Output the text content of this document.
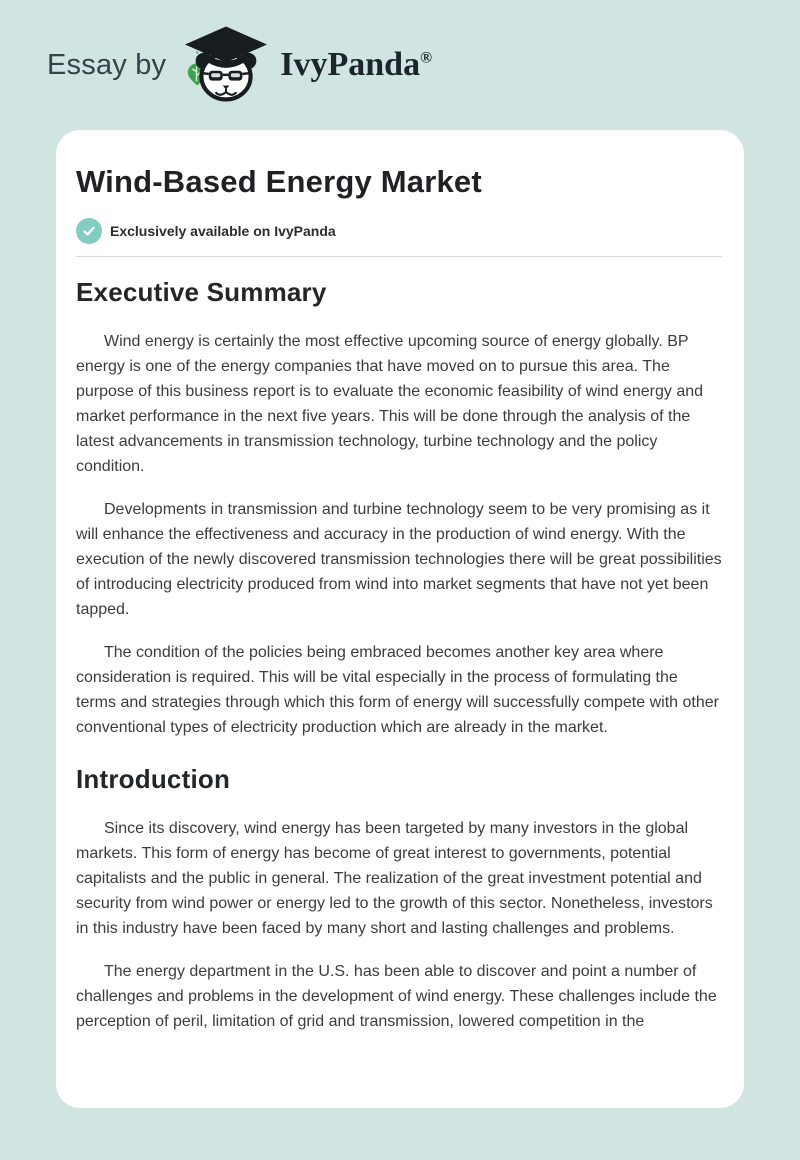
Essay by	IvyPanda®
Wind-Based Energy Market
Exclusively available on IvyPanda
Executive Summary

Wind energy is certainly the most effective upcoming source of energy globally. BP energy is one of the energy companies that have moved on to pursue this area. The purpose of this business report is to evaluate the economic feasibility of wind energy and market performance in the next five years. This will be done through the analysis of the latest advancements in transmission technology, turbine technology and the policy condition.

Developments in transmission and turbine technology seem to be very promising as it will enhance the effectiveness and accuracy in the production of wind energy. With the execution of the newly discovered transmission technologies there will be great possibilities of introducing electricity produced from wind into market segments that have not yet been tapped.

The condition of the policies being embraced becomes another key area where consideration is required. This will be vital especially in the process of formulating the terms and strategies through which this form of energy will successfully compete with other conventional types of electricity production which are already in the market.

Introduction

Since its discovery, wind energy has been targeted by many investors in the global markets. This form of energy has become of great interest to governments, potential capitalists and the public in general. The realization of the great investment potential and security from wind power or energy led to the growth of this sector. Nonetheless, investors in this industry have been faced by many short and lasting challenges and problems.

The energy department in the U.S. has been able to discover and point a number of challenges and problems in the development of wind energy. These challenges include the perception of peril, limitation of grid and transmission, lowered competition in the
